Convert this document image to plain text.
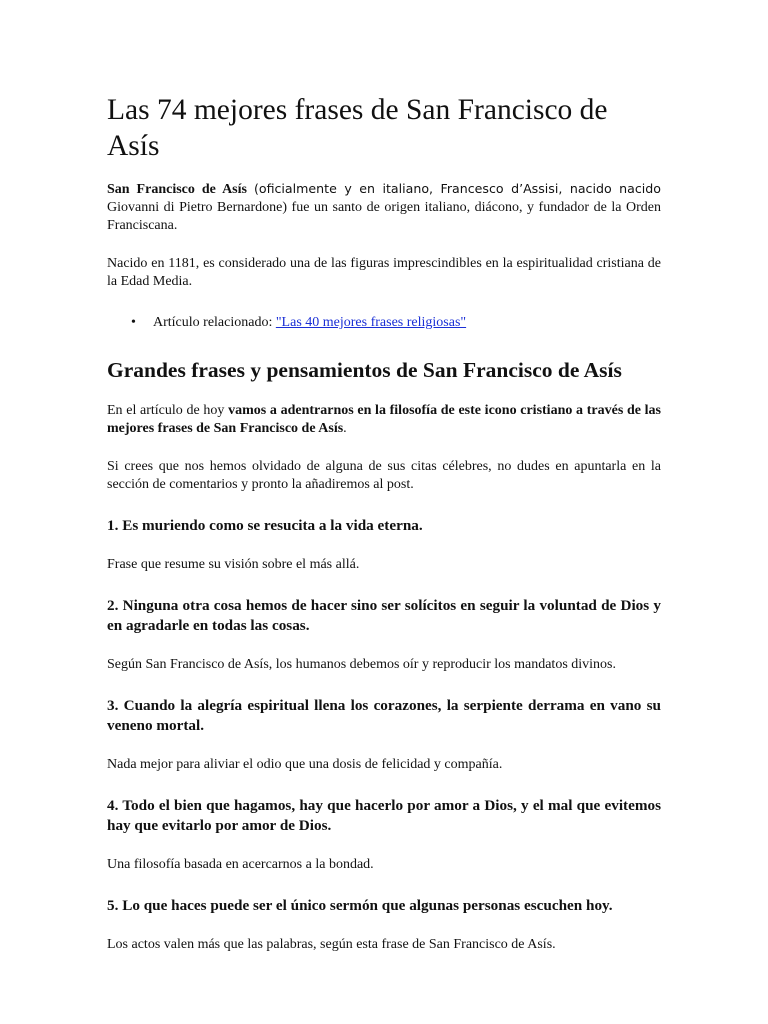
Las 74 mejores frases de San Francisco de Asís

San Francisco de Asís (oficialmente y en italiano, Francesco d’Assisi, nacido nacido Giovanni di Pietro Bernardone) fue un santo de origen italiano, diácono, y fundador de la Orden Franciscana.

Nacido en 1181, es considerado una de las figuras imprescindibles en la espiritualidad cristiana de la Edad Media.

• Artículo relacionado: "Las 40 mejores frases religiosas"
Grandes frases y pensamientos de San Francisco de Asís

En el artículo de hoy vamos a adentrarnos en la filosofía de este icono cristiano a través de las mejores frases de San Francisco de Asís.

Si crees que nos hemos olvidado de alguna de sus citas célebres, no dudes en apuntarla en la sección de comentarios y pronto la añadiremos al post.

1. Es muriendo como se resucita a la vida eterna.

Frase que resume su visión sobre el más allá.

2. Ninguna otra cosa hemos de hacer sino ser solícitos en seguir la voluntad de Dios y en agradarle en todas las cosas.

Según San Francisco de Asís, los humanos debemos oír y reproducir los mandatos divinos.

3. Cuando la alegría espiritual llena los corazones, la serpiente derrama en vano su veneno mortal.

Nada mejor para aliviar el odio que una dosis de felicidad y compañía.

4. Todo el bien que hagamos, hay que hacerlo por amor a Dios, y el mal que evitemos hay que evitarlo por amor de Dios.

Una filosofía basada en acercarnos a la bondad.

5. Lo que haces puede ser el único sermón que algunas personas escuchen hoy.

Los actos valen más que las palabras, según esta frase de San Francisco de Asís.
